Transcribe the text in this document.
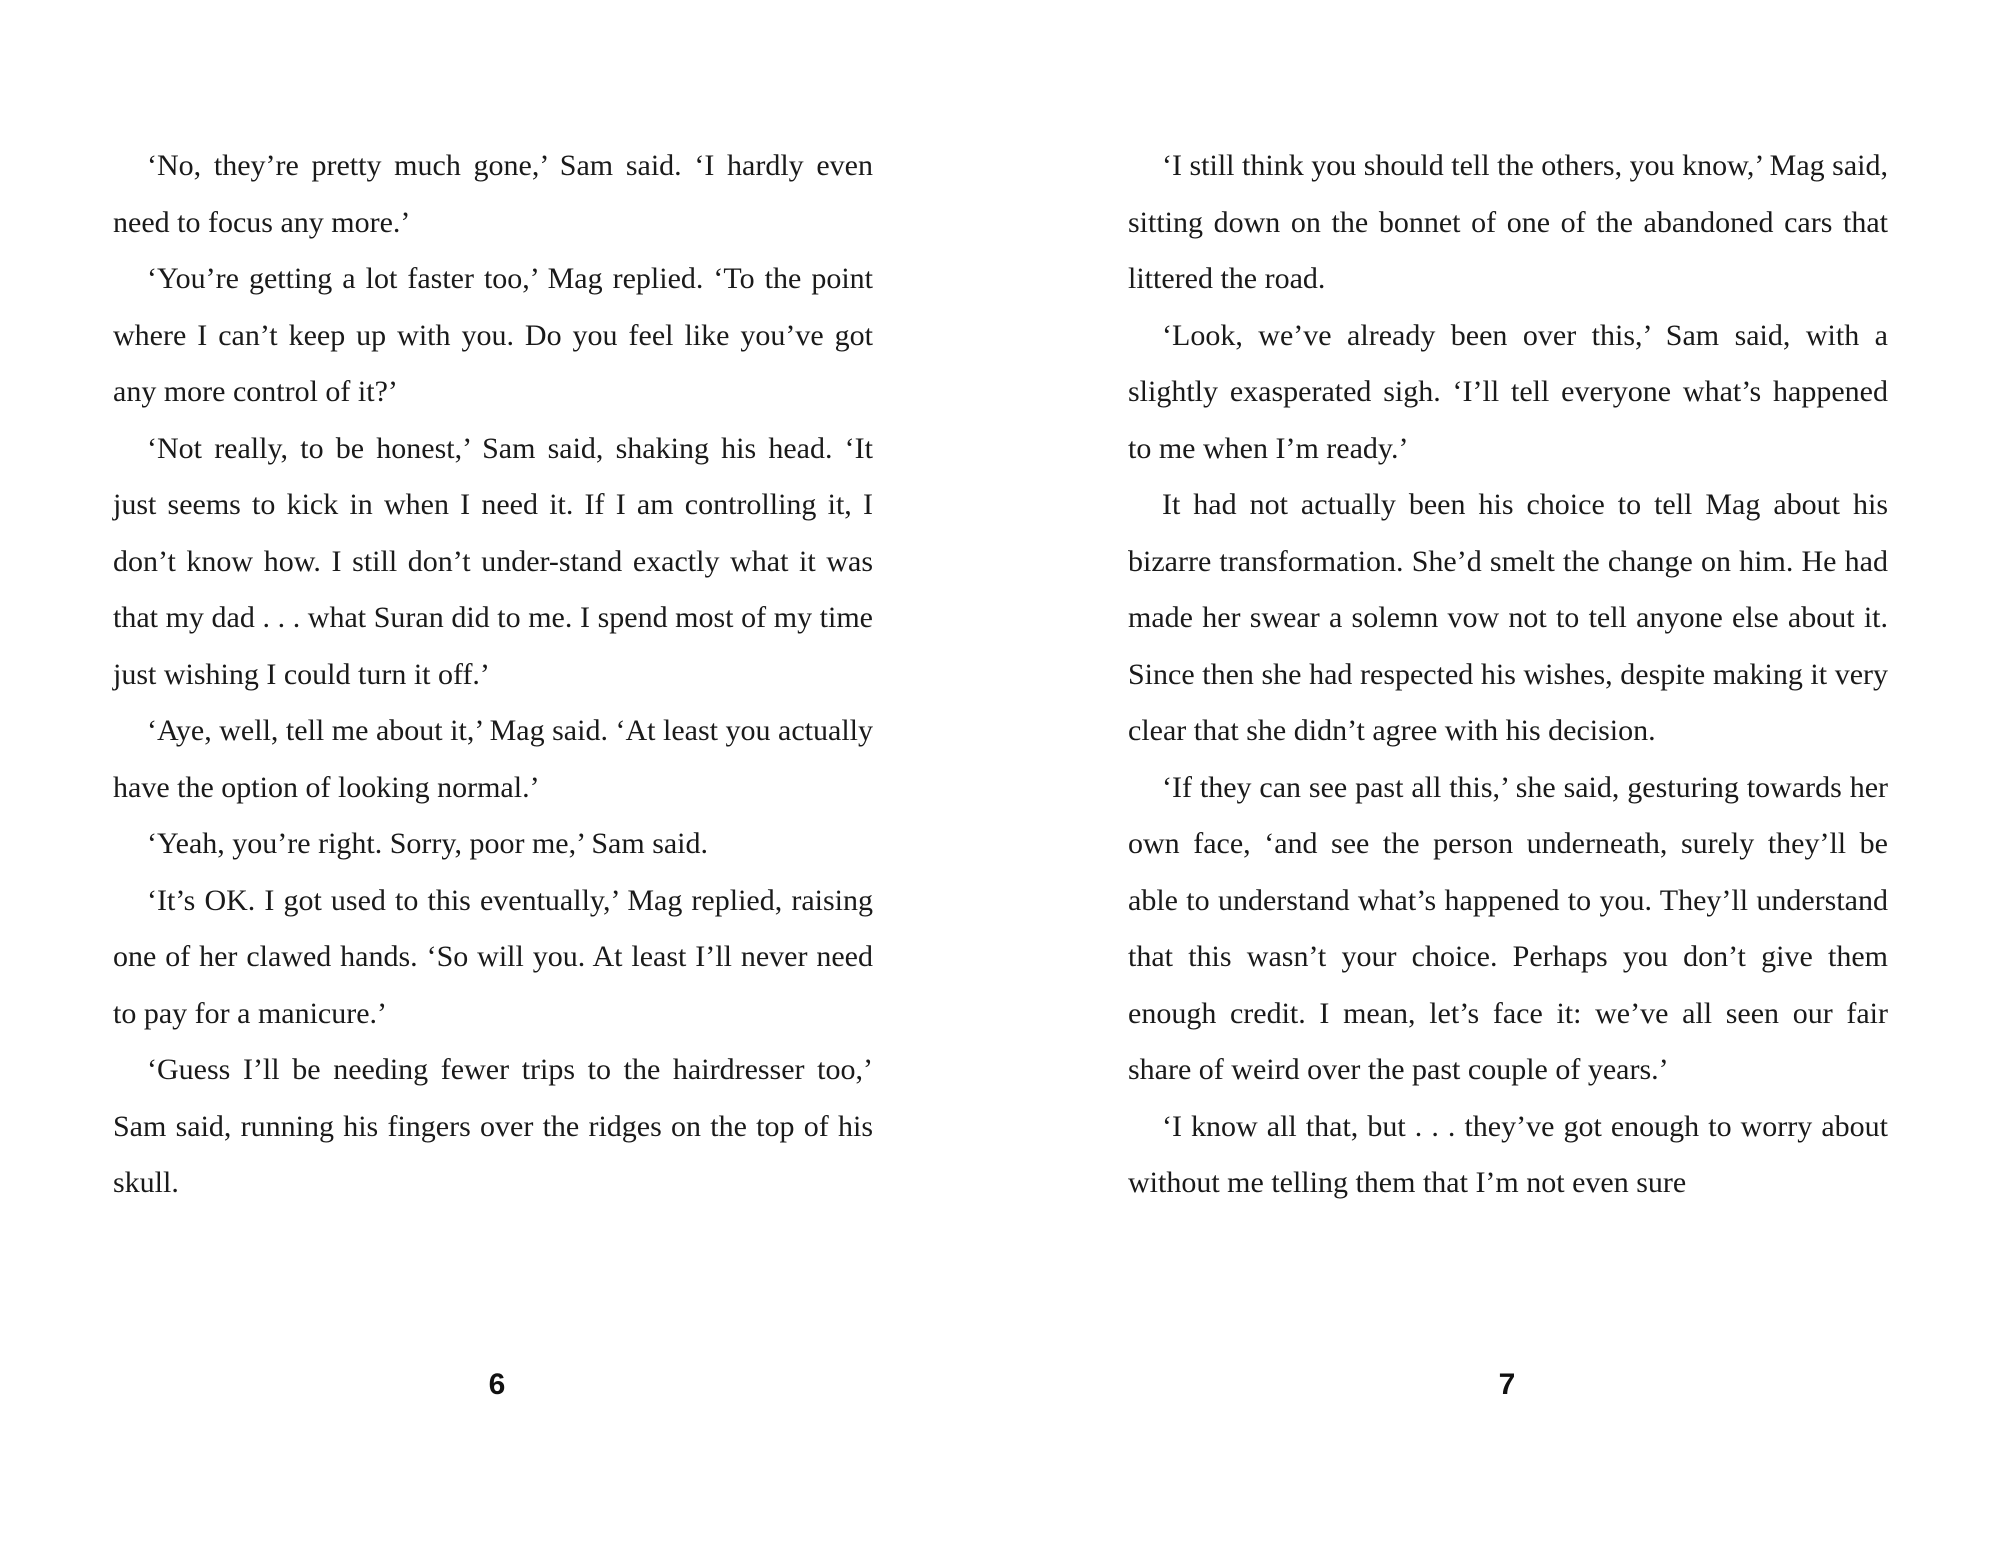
‘No, they’re pretty much gone,’ Sam said. ‘I hardly even need to focus any more.’

‘You’re getting a lot faster too,’ Mag replied. ‘To the point where I can’t keep up with you. Do you feel like you’ve got any more control of it?’

‘Not really, to be honest,’ Sam said, shaking his head. ‘It just seems to kick in when I need it. If I am controlling it, I don’t know how. I still don’t under-stand exactly what it was that my dad . . . what Suran did to me. I spend most of my time just wishing I could turn it off.’

‘Aye, well, tell me about it,’ Mag said. ‘At least you actually have the option of looking normal.’

‘Yeah, you’re right. Sorry, poor me,’ Sam said.

‘It’s OK. I got used to this eventually,’ Mag replied, raising one of her clawed hands. ‘So will you. At least I’ll never need to pay for a manicure.’

‘Guess I’ll be needing fewer trips to the hairdresser too,’ Sam said, running his fingers over the ridges on the top of his skull.

6

‘I still think you should tell the others, you know,’ Mag said, sitting down on the bonnet of one of the abandoned cars that littered the road.

‘Look, we’ve already been over this,’ Sam said, with a slightly exasperated sigh. ‘I’ll tell everyone what’s happened to me when I’m ready.’

It had not actually been his choice to tell Mag about his bizarre transformation. She’d smelt the change on him. He had made her swear a solemn vow not to tell anyone else about it. Since then she had respected his wishes, despite making it very clear that she didn’t agree with his decision.

‘If they can see past all this,’ she said, gesturing towards her own face, ‘and see the person underneath, surely they’ll be able to understand what’s happened to you. They’ll understand that this wasn’t your choice. Perhaps you don’t give them enough credit. I mean, let’s face it: we’ve all seen our fair share of weird over the past couple of years.’

‘I know all that, but . . . they’ve got enough to worry about without me telling them that I’m not even sure

7
